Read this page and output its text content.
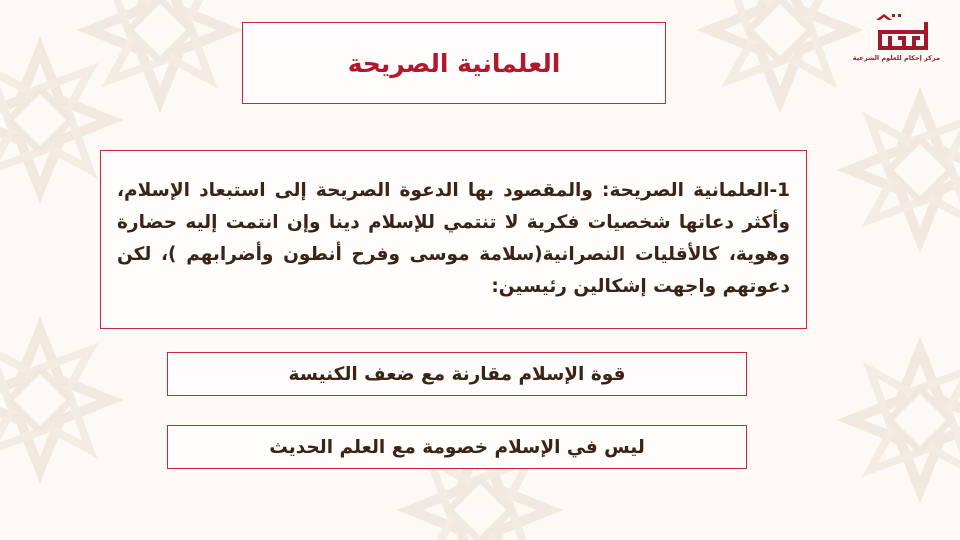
العلمانية الصريحة

1-العلمانية الصريحة: والمقصود بها الدعوة الصريحة إلى استبعاد الإسلام، وأكثر دعاتها شخصيات فكرية لا تنتمي للإسلام دينا وإن انتمت إليه حضارة وهوية، كالأقليات النصرانية(سلامة موسى وفرح أنطون وأضرابهم )، لكن دعوتهم واجهت إشكالين رئيسين:

قوة الإسلام مقارنة مع ضعف الكنيسة
ليس في الإسلام خصومة مع العلم الحديث
مركز إحكام للعلوم الشرعية
